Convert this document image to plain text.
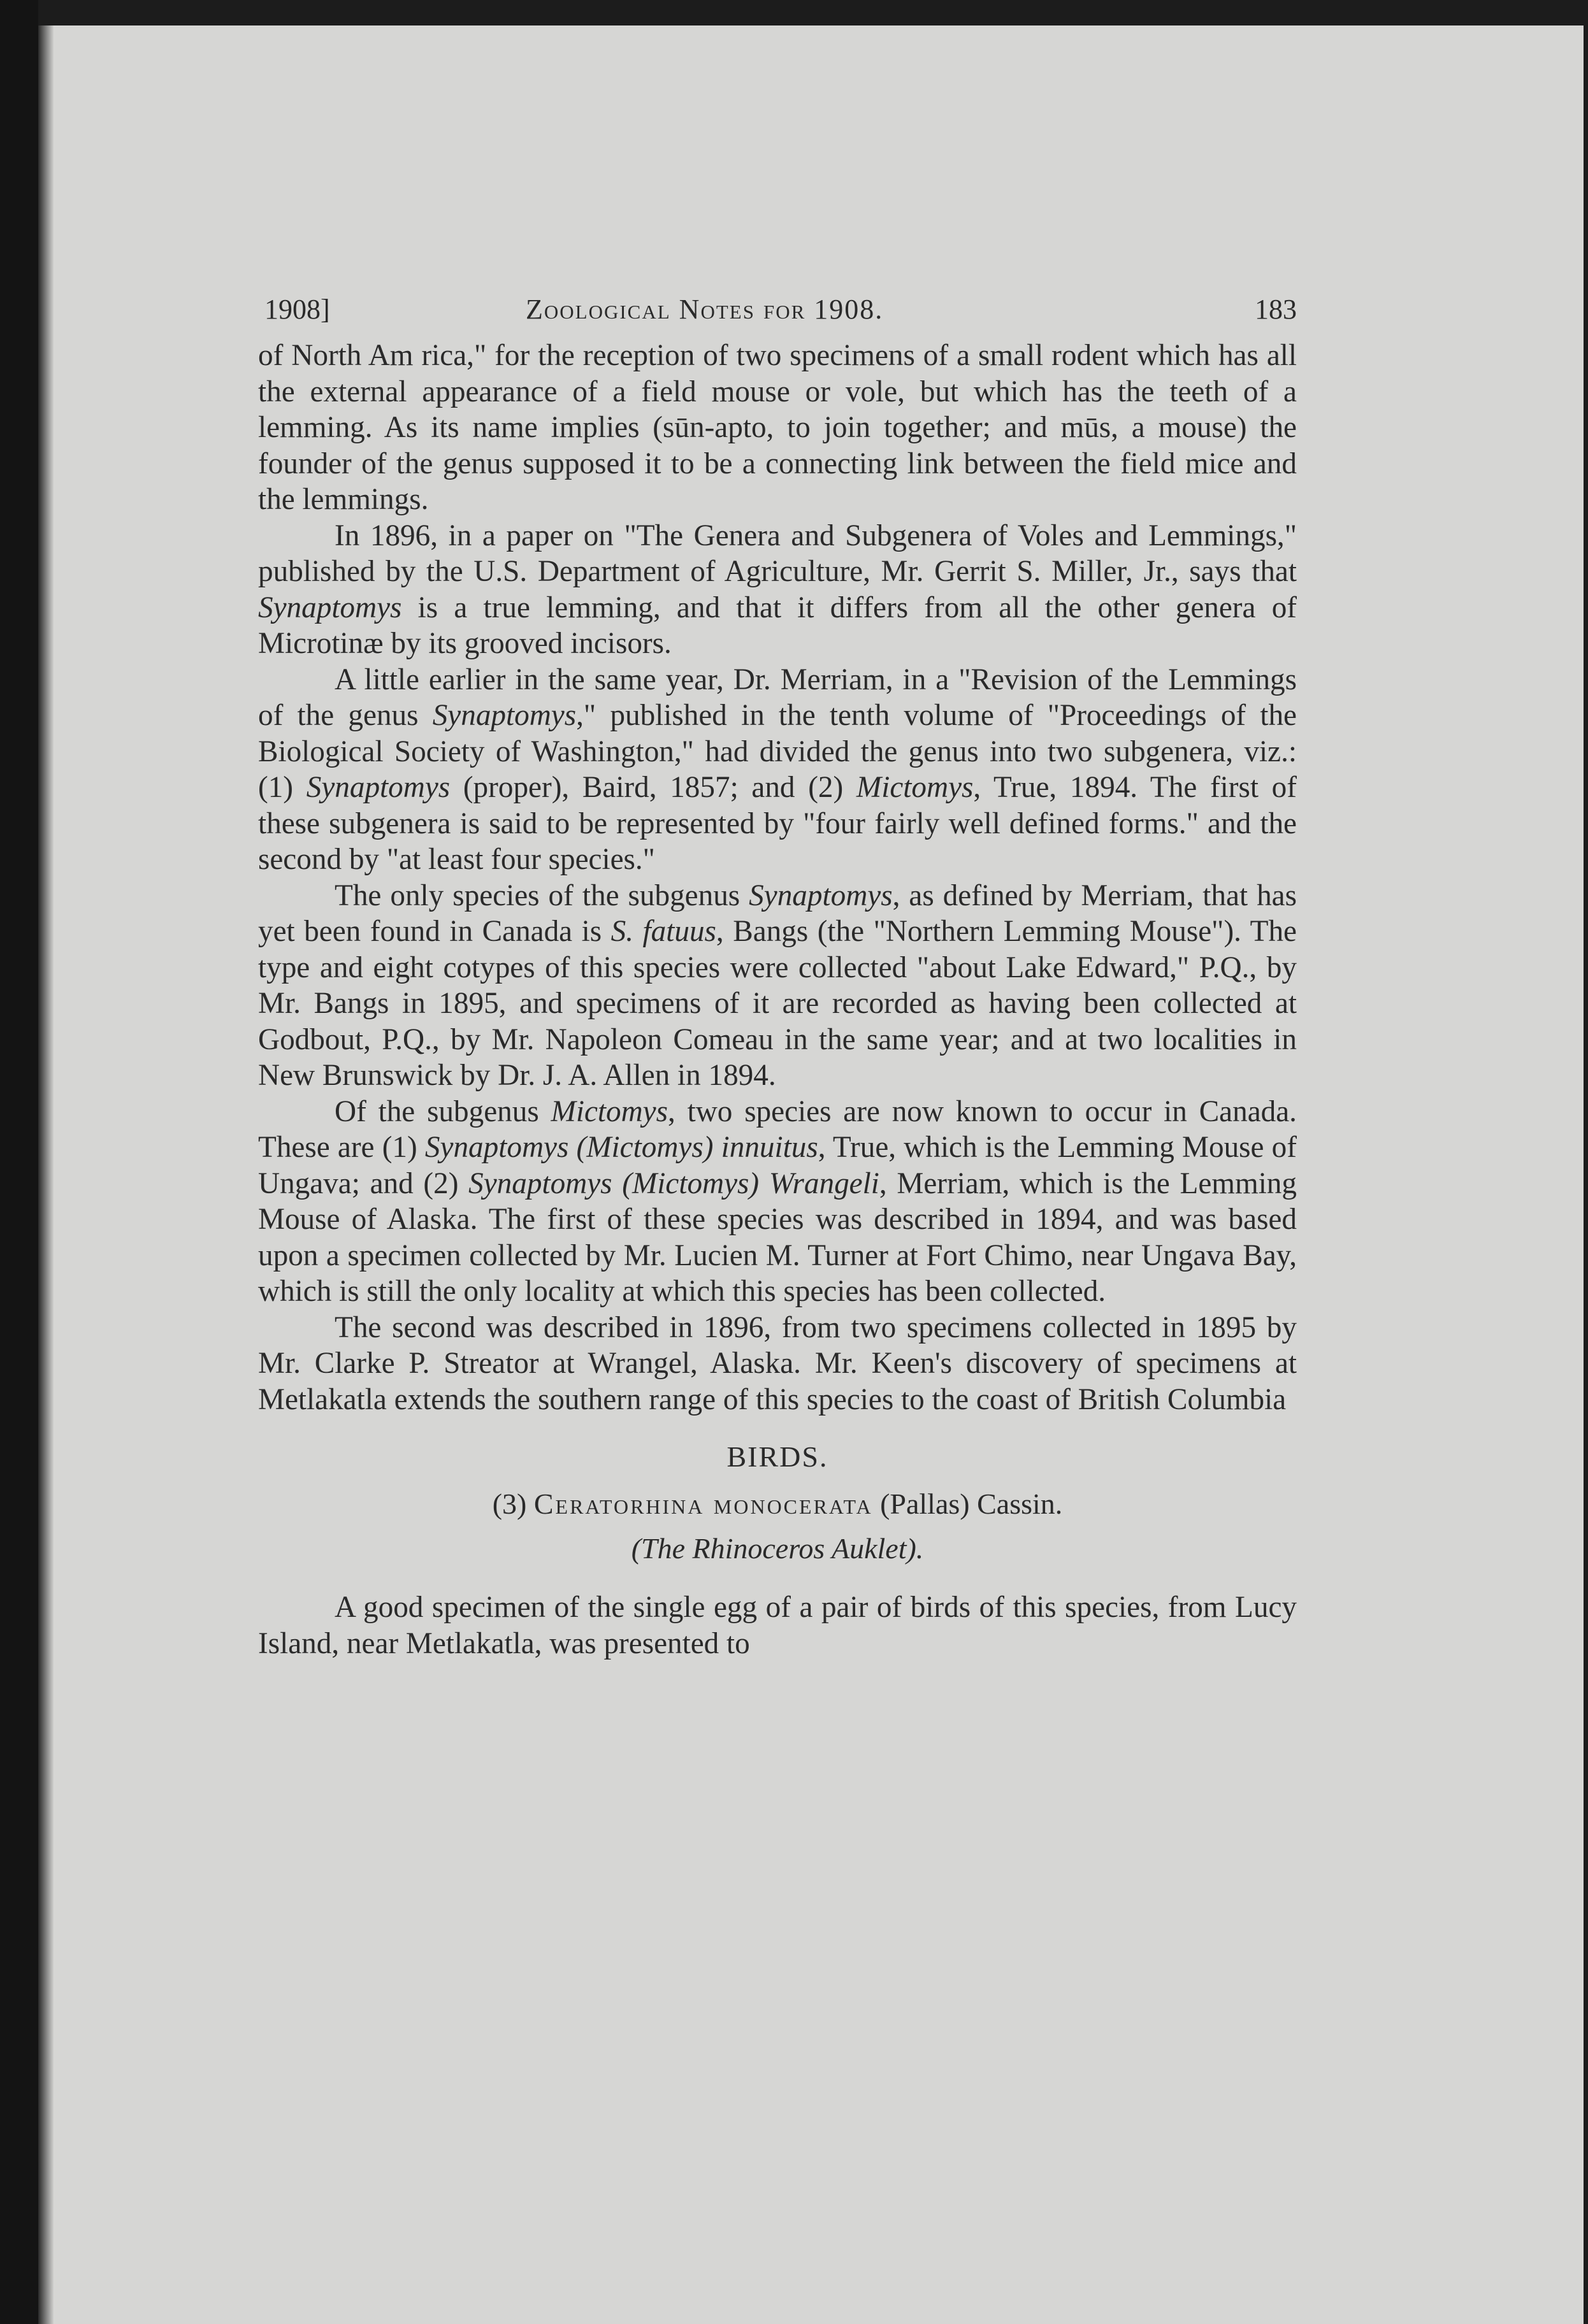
1908]	Zoological Notes for 1908.	183

of North Am rica," for the reception of two specimens of a small rodent which has all the external appearance of a field mouse or vole, but which has the teeth of a lemming. As its name implies (sūn-apto, to join together; and mūs, a mouse) the founder of the genus supposed it to be a connecting link between the field mice and the lemmings.

In 1896, in a paper on "The Genera and Subgenera of Voles and Lemmings," published by the U.S. Department of Agriculture, Mr. Gerrit S. Miller, Jr., says that Synaptomys is a true lemming, and that it differs from all the other genera of Microtinæ by its grooved incisors.

A little earlier in the same year, Dr. Merriam, in a "Revision of the Lemmings of the genus Synaptomys," published in the tenth volume of "Proceedings of the Biological Society of Washington," had divided the genus into two subgenera, viz.: (1) Synaptomys (proper), Baird, 1857; and (2) Mictomys, True, 1894. The first of these subgenera is said to be represented by "four fairly well defined forms." and the second by "at least four species."

The only species of the subgenus Synaptomys, as defined by Merriam, that has yet been found in Canada is S. fatuus, Bangs (the "Northern Lemming Mouse"). The type and eight cotypes of this species were collected "about Lake Edward," P.Q., by Mr. Bangs in 1895, and specimens of it are recorded as having been collected at Godbout, P.Q., by Mr. Napoleon Comeau in the same year; and at two localities in New Brunswick by Dr. J. A. Allen in 1894.

Of the subgenus Mictomys, two species are now known to occur in Canada. These are (1) Synaptomys (Mictomys) innuitus, True, which is the Lemming Mouse of Ungava; and (2) Synaptomys (Mictomys) Wrangeli, Merriam, which is the Lemming Mouse of Alaska. The first of these species was described in 1894, and was based upon a specimen collected by Mr. Lucien M. Turner at Fort Chimo, near Ungava Bay, which is still the only locality at which this species has been collected.

The second was described in 1896, from two specimens collected in 1895 by Mr. Clarke P. Streator at Wrangel, Alaska. Mr. Keen's discovery of specimens at Metlakatla extends the southern range of this species to the coast of British Columbia

BIRDS.

(3) Ceratorhina monocerata (Pallas) Cassin.

(The Rhinoceros Auklet).

A good specimen of the single egg of a pair of birds of this species, from Lucy Island, near Metlakatla, was presented to
